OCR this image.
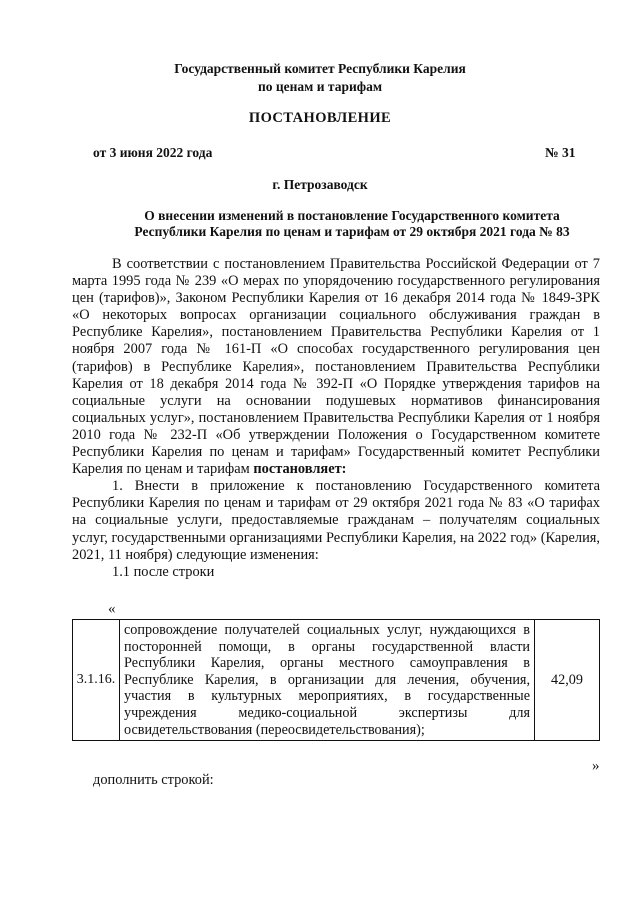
Государственный комитет Республики Карелия
по ценам и тарифам
ПОСТАНОВЛЕНИЕ
от 3 июня 2022 года	№ 31
г. Петрозаводск
О внесении изменений в постановление Государственного комитета
Республики Карелия по ценам и тарифам от 29 октября 2021 года № 83

В соответствии с постановлением Правительства Российской Федерации от 7 марта 1995 года № 239 «О мерах по упорядочению государственного регулирования цен (тарифов)», Законом Республики Карелия от 16 декабря 2014 года № 1849-ЗРК «О некоторых вопросах организации социального обслуживания граждан в Республике Карелия», постановлением Правительства Республики Карелия от 1 ноября 2007 года № 161-П «О способах государственного регулирования цен (тарифов) в Республике Карелия», постановлением Правительства Республики Карелия от 18 декабря 2014 года № 392-П «О Порядке утверждения тарифов на социальные услуги на основании подушевых нормативов финансирования социальных услуг», постановлением Правительства Республики Карелия от 1 ноября 2010 года № 232-П «Об утверждении Положения о Государственном комитете Республики Карелия по ценам и тарифам» Государственный комитет Республики Карелия по ценам и тарифам постановляет:

1. Внести в приложение к постановлению Государственного комитета Республики Карелия по ценам и тарифам от 29 октября 2021 года № 83 «О тарифах на социальные услуги, предоставляемые гражданам – получателям социальных услуг, государственными организациями Республики Карелия, на 2022 год» (Карелия, 2021, 11 ноября) следующие изменения:

1.1 после строки

«
3.1.16.	сопровождение получателей социальных услуг, нуждающихся в посторонней помощи, в органы государственной власти Республики Карелия, органы местного самоуправления в Республике Карелия, в организации для лечения, обучения, участия в культурных мероприятиях, в государственные учреждения медико-социальной экспертизы для освидетельствования (переосвидетельствования);	42,09
»
дополнить строкой:
